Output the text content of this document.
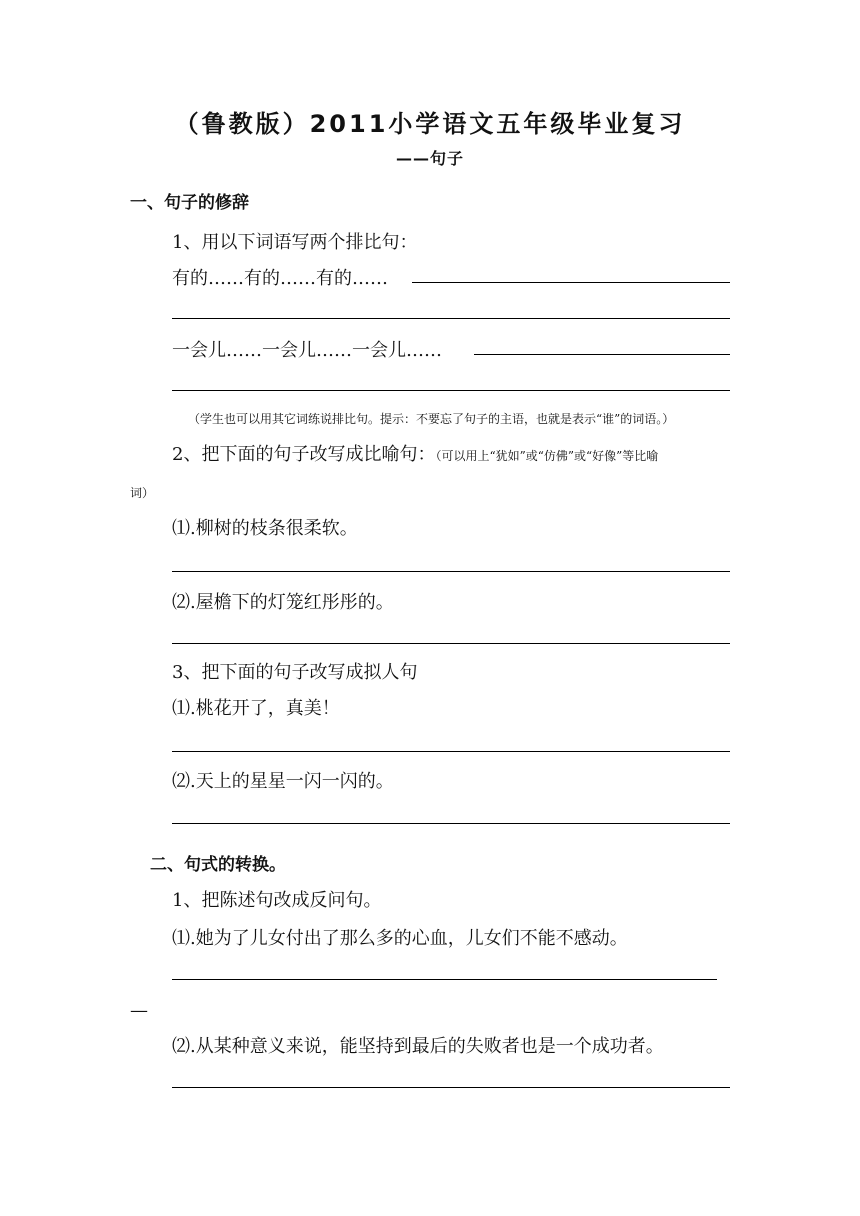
（鲁教版）2011小学语文五年级毕业复习
——句子
一、句子的修辞
1、用以下词语写两个排比句：
有的……有的……有的……
一会儿……一会儿……一会儿……
（学生也可以用其它词练说排比句。提示：不要忘了句子的主语，也就是表示“谁”的词语。）
2、把下面的句子改写成比喻句：（可以用上“犹如”或“仿佛”或“好像”等比喻
词）
⑴.柳树的枝条很柔软。
⑵.屋檐下的灯笼红彤彤的。
3、把下面的句子改写成拟人句
⑴.桃花开了，真美！
⑵.天上的星星一闪一闪的。
二、句式的转换。
1、把陈述句改成反问句。
⑴.她为了儿女付出了那么多的心血，儿女们不能不感动。
—
⑵.从某种意义来说，能坚持到最后的失败者也是一个成功者。
